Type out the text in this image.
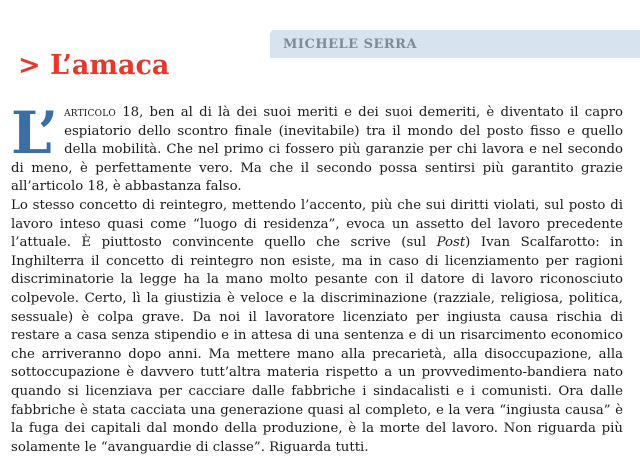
MICHELE SERRA
> L’amaca

L’ articolo 18, ben al di là dei suoi meriti e dei suoi demeriti, è diventato il capro espiatorio dello scontro finale (inevitabile) tra il mondo del posto fisso e quello della mobilità. Che nel primo ci fossero più garanzie per chi lavora e nel secondo di meno, è perfettamente vero. Ma che il secondo possa sentirsi più garantito grazie all’articolo 18, è abbastanza falso.

Lo stesso concetto di reintegro, mettendo l’accento, più che sui diritti violati, sul posto di lavoro inteso quasi come “luogo di residenza”, evoca un assetto del lavoro precedente l’attuale. È piuttosto convincente quello che scrive (sul Post) Ivan Scalfarotto: in Inghilterra il concetto di reintegro non esiste, ma in caso di licenziamento per ragioni discriminatorie la legge ha la mano molto pesante con il datore di lavoro riconosciuto colpevole. Certo, lì la giustizia è veloce e la discriminazione (razziale, religiosa, politica, sessuale) è colpa grave. Da noi il lavoratore licenziato per ingiusta causa rischia di restare a casa senza stipendio e in attesa di una sentenza e di un risarcimento economico che arriveranno dopo anni. Ma mettere mano alla precarietà, alla disoccupazione, alla sottoccupazione è davvero tutt’altra materia rispetto a un provvedimento-bandiera nato quando si licenziava per cacciare dalle fabbriche i sindacalisti e i comunisti. Ora dalle fabbriche è stata cacciata una generazione quasi al completo, e la vera “ingiusta causa” è la fuga dei capitali dal mondo della produzione, è la morte del lavoro. Non riguarda più solamente le “avanguardie di classe”. Riguarda tutti.
